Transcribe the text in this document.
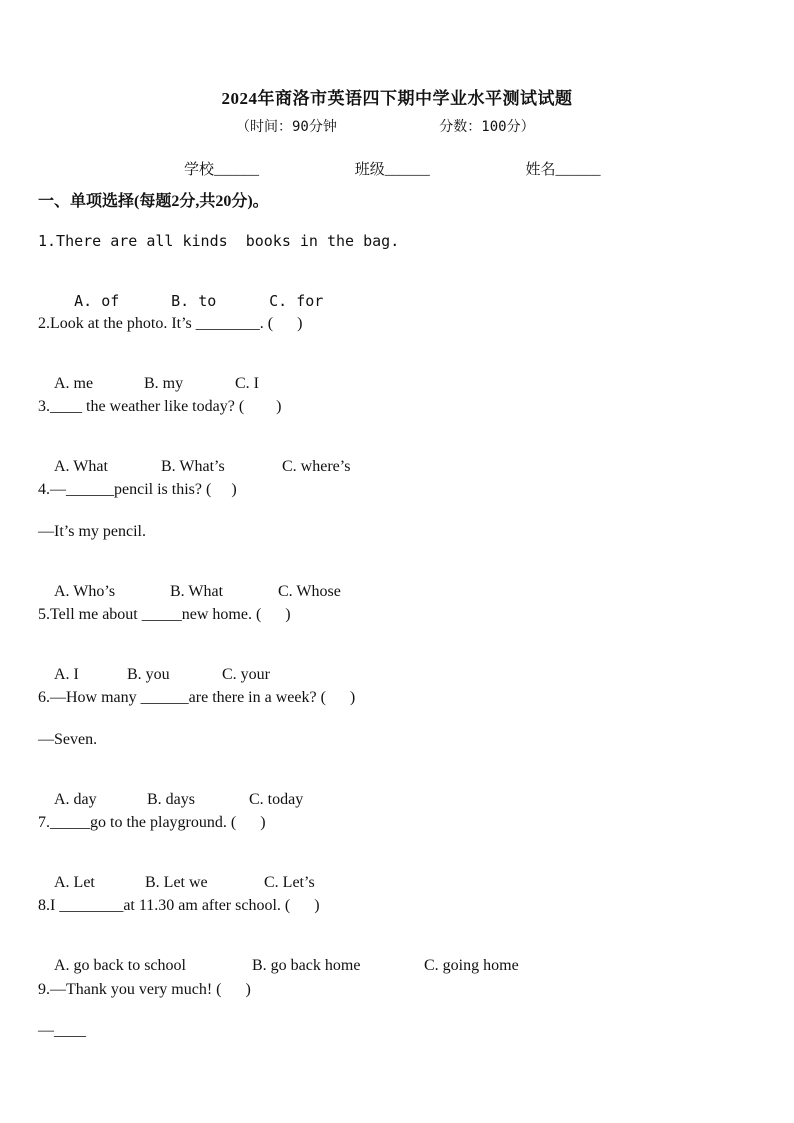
2024年商洛市英语四下期中学业水平测试试题
（时间：90分钟	分数：100分）
学校______	班级______	姓名______
一、单项选择(每题2分,共20分)。
1.There are all kinds  books in the bag.

A. of	B. to	C. for

2.Look at the photo. It’s ________. (      )

A. me	B. my	C. I

3.____ the weather like today? (        )

A. What	B. What’s	C. where’s

4.—______pencil is this? (     )
—It’s my pencil.

A. Who’s	B. What	C. Whose

5.Tell me about _____new home. (      )

A. I	B. you	C. your

6.—How many ______are there in a week? (      )
—Seven.

A. day	B. days	C. today

7._____go to the playground. (      )

A. Let	B. Let we	C. Let’s

8.I ________at 11.30 am after school. (      )

A. go back to school	B. go back home	C. going home

9.—Thank you very much! (      )
—____
